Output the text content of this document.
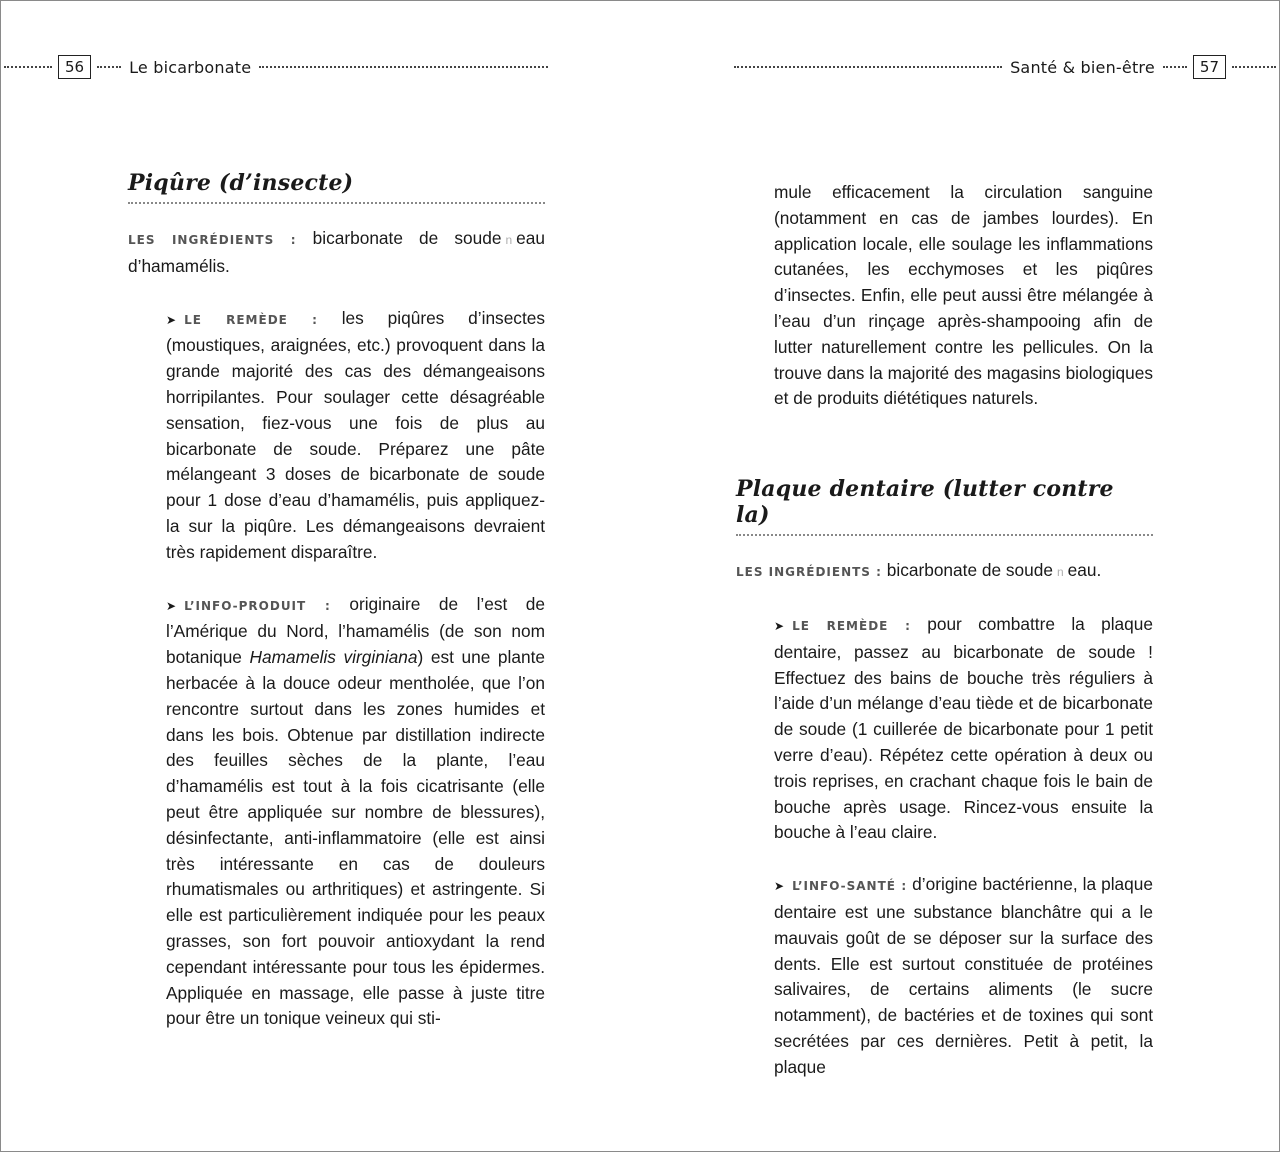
56	Le bicarbonate	Santé & bien-être	57
Piqûre (d’insecte)

LES INGRÉDIENTS : bicarbonate de soude n eau d’hamamélis.

➤ LE REMÈDE : les piqûres d’insectes (moustiques, araignées, etc.) provoquent dans la grande majorité des cas des démangeaisons horripilantes. Pour soulager cette désagréable sensation, fiez-vous une fois de plus au bicarbonate de soude. Préparez une pâte mélangeant 3 doses de bicarbonate de soude pour 1 dose d’eau d’hamamélis, puis appliquez-la sur la piqûre. Les démangeaisons devraient très rapidement disparaître.

➤ L’INFO-PRODUIT : originaire de l’est de l’Amérique du Nord, l’hamamélis (de son nom botanique Hamamelis virginiana) est une plante herbacée à la douce odeur mentholée, que l’on rencontre surtout dans les zones humides et dans les bois. Obtenue par distillation indirecte des feuilles sèches de la plante, l’eau d’hamamélis est tout à la fois cicatrisante (elle peut être appliquée sur nombre de blessures), désinfectante, anti-inflammatoire (elle est ainsi très intéressante en cas de douleurs rhumatismales ou arthritiques) et astringente. Si elle est particulièrement indiquée pour les peaux grasses, son fort pouvoir antioxydant la rend cependant intéressante pour tous les épidermes. Appliquée en massage, elle passe à juste titre pour être un tonique veineux qui sti-

mule efficacement la circulation sanguine (notamment en cas de jambes lourdes). En application locale, elle soulage les inflammations cutanées, les ecchymoses et les piqûres d’insectes. Enfin, elle peut aussi être mélangée à l’eau d’un rinçage après-shampooing afin de lutter naturellement contre les pellicules. On la trouve dans la majorité des magasins biologiques et de produits diététiques naturels.

Plaque dentaire (lutter contre la)

LES INGRÉDIENTS : bicarbonate de soude n eau.

➤ LE REMÈDE : pour combattre la plaque dentaire, passez au bicarbonate de soude ! Effectuez des bains de bouche très réguliers à l’aide d’un mélange d’eau tiède et de bicarbonate de soude (1 cuillerée de bicarbonate pour 1 petit verre d’eau). Répétez cette opération à deux ou trois reprises, en crachant chaque fois le bain de bouche après usage. Rincez-vous ensuite la bouche à l’eau claire.

➤ L’INFO-SANTÉ : d’origine bactérienne, la plaque dentaire est une substance blanchâtre qui a le mauvais goût de se déposer sur la surface des dents. Elle est surtout constituée de protéines salivaires, de certains aliments (le sucre notamment), de bactéries et de toxines qui sont secrétées par ces dernières. Petit à petit, la plaque
